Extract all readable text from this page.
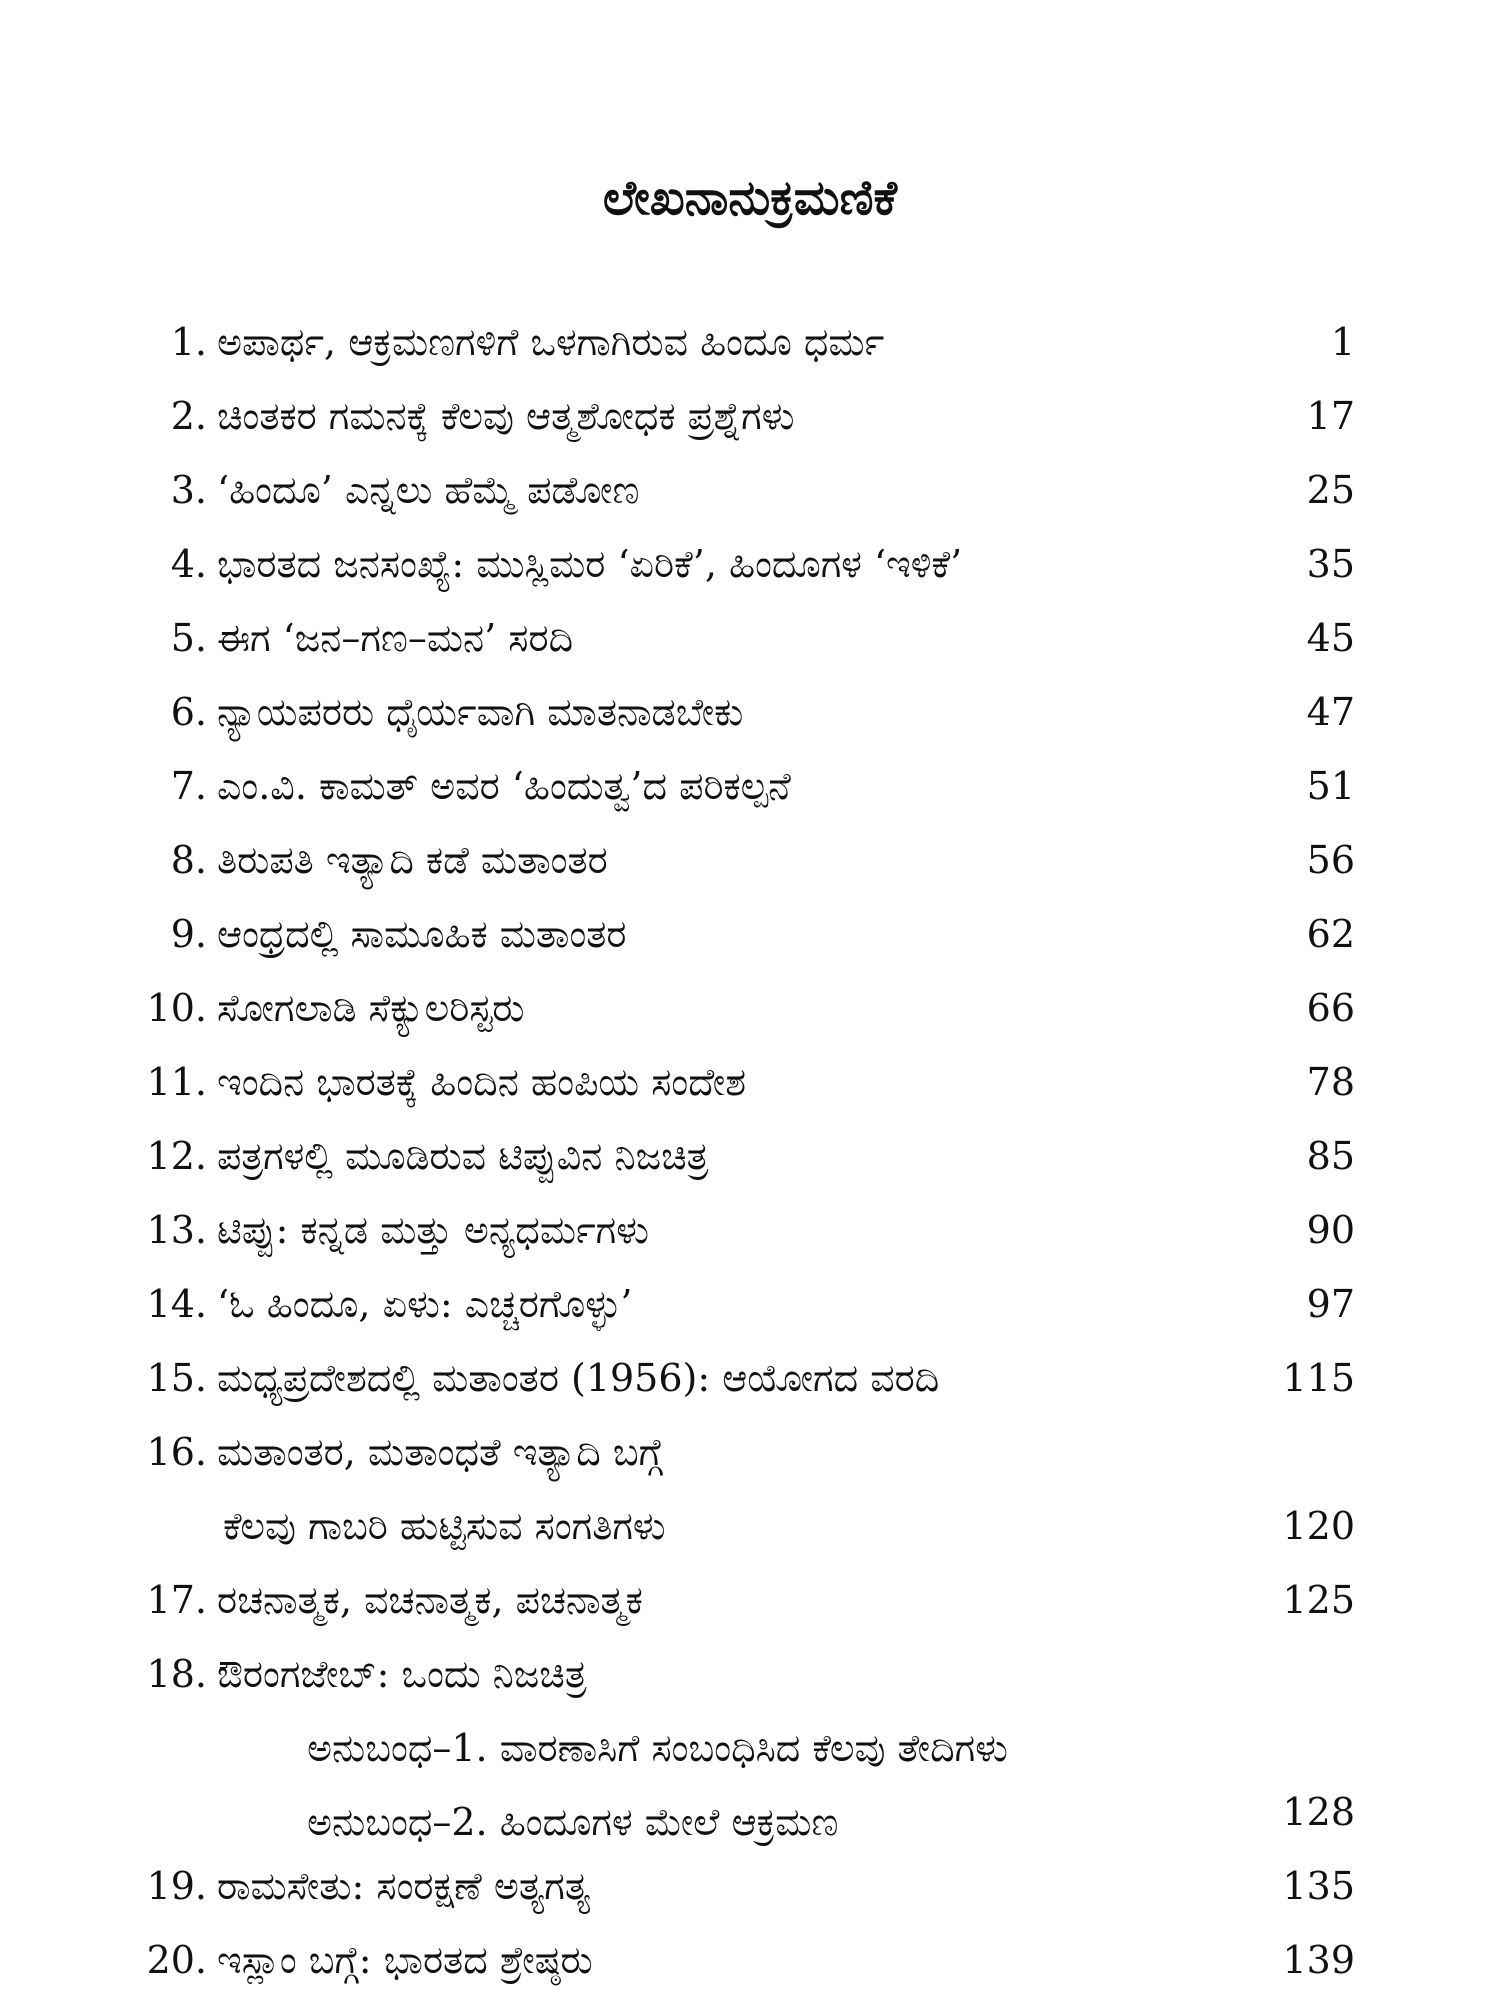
ಲೇಖನಾನುಕ್ರಮಣಿಕೆ
1. ಅಪಾರ್ಥ, ಆಕ್ರಮಣಗಳಿಗೆ ಒಳಗಾಗಿರುವ ಹಿಂದೂ ಧರ್ಮ	1
2. ಚಿಂತಕರ ಗಮನಕ್ಕೆ ಕೆಲವು ಆತ್ಮಶೋಧಕ ಪ್ರಶ್ನೆಗಳು	17
3. ‘ಹಿಂದೂ’ ಎನ್ನಲು ಹೆಮ್ಮೆ ಪಡೋಣ	25
4. ಭಾರತದ ಜನಸಂಖ್ಯೆ: ಮುಸ್ಲಿಮರ ‘ಏರಿಕೆ’, ಹಿಂದೂಗಳ ‘ಇಳಿಕೆ’	35
5. ಈಗ ‘ಜನ–ಗಣ–ಮನ’ ಸರದಿ	45
6. ನ್ಯಾಯಪರರು ಧೈರ್ಯವಾಗಿ ಮಾತನಾಡಬೇಕು	47
7. ಎಂ.ವಿ. ಕಾಮತ್ ಅವರ ‘ಹಿಂದುತ್ವ’ದ ಪರಿಕಲ್ಪನೆ	51
8. ತಿರುಪತಿ ಇತ್ಯಾದಿ ಕಡೆ ಮತಾಂತರ	56
9. ಆಂಧ್ರದಲ್ಲಿ ಸಾಮೂಹಿಕ ಮತಾಂತರ	62
10. ಸೋಗಲಾಡಿ ಸೆಕ್ಯುಲರಿಸ್ಟರು	66
11. ಇಂದಿನ ಭಾರತಕ್ಕೆ ಹಿಂದಿನ ಹಂಪಿಯ ಸಂದೇಶ	78
12. ಪತ್ರಗಳಲ್ಲಿ ಮೂಡಿರುವ ಟಿಪ್ಪುವಿನ ನಿಜಚಿತ್ರ	85
13. ಟಿಪ್ಪು: ಕನ್ನಡ ಮತ್ತು ಅನ್ಯಧರ್ಮಗಳು	90
14. ‘ಓ ಹಿಂದೂ, ಏಳು: ಎಚ್ಚರಗೊಳ್ಳು’	97
15. ಮಧ್ಯಪ್ರದೇಶದಲ್ಲಿ ಮತಾಂತರ (1956): ಆಯೋಗದ ವರದಿ	115
16. ಮತಾಂತರ, ಮತಾಂಧತೆ ಇತ್ಯಾದಿ ಬಗ್ಗೆ
ಕೆಲವು ಗಾಬರಿ ಹುಟ್ಟಿಸುವ ಸಂಗತಿಗಳು	120
17. ರಚನಾತ್ಮಕ, ವಚನಾತ್ಮಕ, ಪಚನಾತ್ಮಕ	125
18. ಔರಂಗಜೇಬ್: ಒಂದು ನಿಜಚಿತ್ರ
ಅನುಬಂಧ–1. ವಾರಣಾಸಿಗೆ ಸಂಬಂಧಿಸಿದ ಕೆಲವು ತೇದಿಗಳು
ಅನುಬಂಧ–2. ಹಿಂದೂಗಳ ಮೇಲೆ ಆಕ್ರಮಣ	128
19. ರಾಮಸೇತು: ಸಂರಕ್ಷಣೆ ಅತ್ಯಗತ್ಯ	135
20. ಇಸ್ಲಾಂ ಬಗ್ಗೆ: ಭಾರತದ ಶ್ರೇಷ್ಠರು	139
